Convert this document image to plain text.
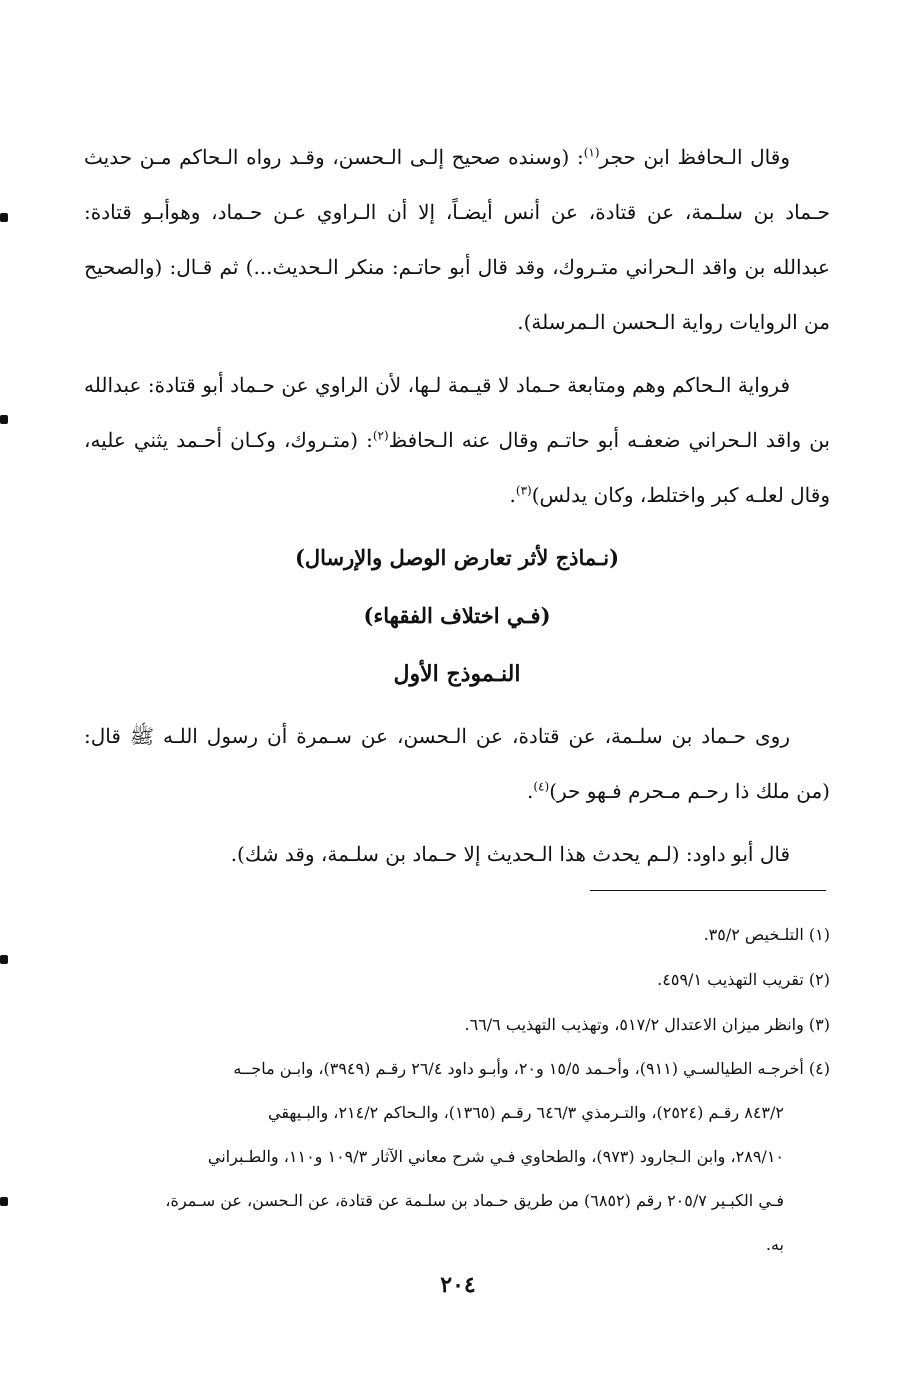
وقال الـحافظ ابن حجر$^{(١)}$: (وسنده صحيح إلـى الـحسن، وقـد رواه الـحاكم مـن حديث حـماد بن سلـمة، عن قتادة، عن أنس أيضـاً، إلا أن الـراوي عـن حـماد، وهوأبـو قتادة: عبدالله بن واقد الـحراني متـروك، وقد قال أبو حاتـم: منكر الـحديث...) ثم قـال: (والصحيح من الروايات رواية الـحسن الـمرسلة).

فرواية الـحاكم وهم ومتابعة حـماد لا قيـمة لـها، لأن الراوي عن حـماد أبو قتادة: عبدالله بن واقد الـحراني ضعفـه أبو حاتـم وقال عنه الـحافظ$^{(٢)}$: (متـروك، وكـان أحـمد يثني عليه، وقال لعلـه كبر واختلط، وكان يدلس)$^{(٣)}$.

(نـماذج لأثر تعارض الوصل والإرسال)

(فـي اختلاف الفقهاء)

النـموذج الأول

روى حـماد بن سلـمة، عن قتادة، عن الـحسن، عن سـمرة أن رسول اللـه ﷺ قال: (من ملك ذا رحـم مـحرم فـهو حر)$^{(٤)}$.

قال أبو داود: (لـم يحدث هذا الـحديث إلا حـماد بن سلـمة، وقد شك).

(١) التلـخيص ٣٥/٢.

(٢) تقريب التهذيب ٤٥٩/١.

(٣) وانظر ميزان الاعتدال ٥١٧/٢، وتهذيب التهذيب ٦٦/٦.

(٤) أخرجـه الطيالسـي (٩١١)، وأحـمد ١٥/٥ و٢٠، وأبـو داود ٢٦/٤ رقـم (٣٩٤٩)، وابـن ماجــه

٨٤٣/٢ رقـم (٢٥٢٤)، والتـرمذي ٦٤٦/٣ رقـم (١٣٦٥)، والـحاكم ٢١٤/٢، والبـيهقي

٢٨٩/١٠، وابن الـجارود (٩٧٣)، والطحاوي فـي شرح معاني الآثار ١٠٩/٣ و١١٠، والطـبراني

فـي الكبـير ٢٠٥/٧ رقم (٦٨٥٢) من طريق حـماد بن سلـمة عن قتادة، عن الـحسن، عن سـمرة،

به.

٢٠٤
